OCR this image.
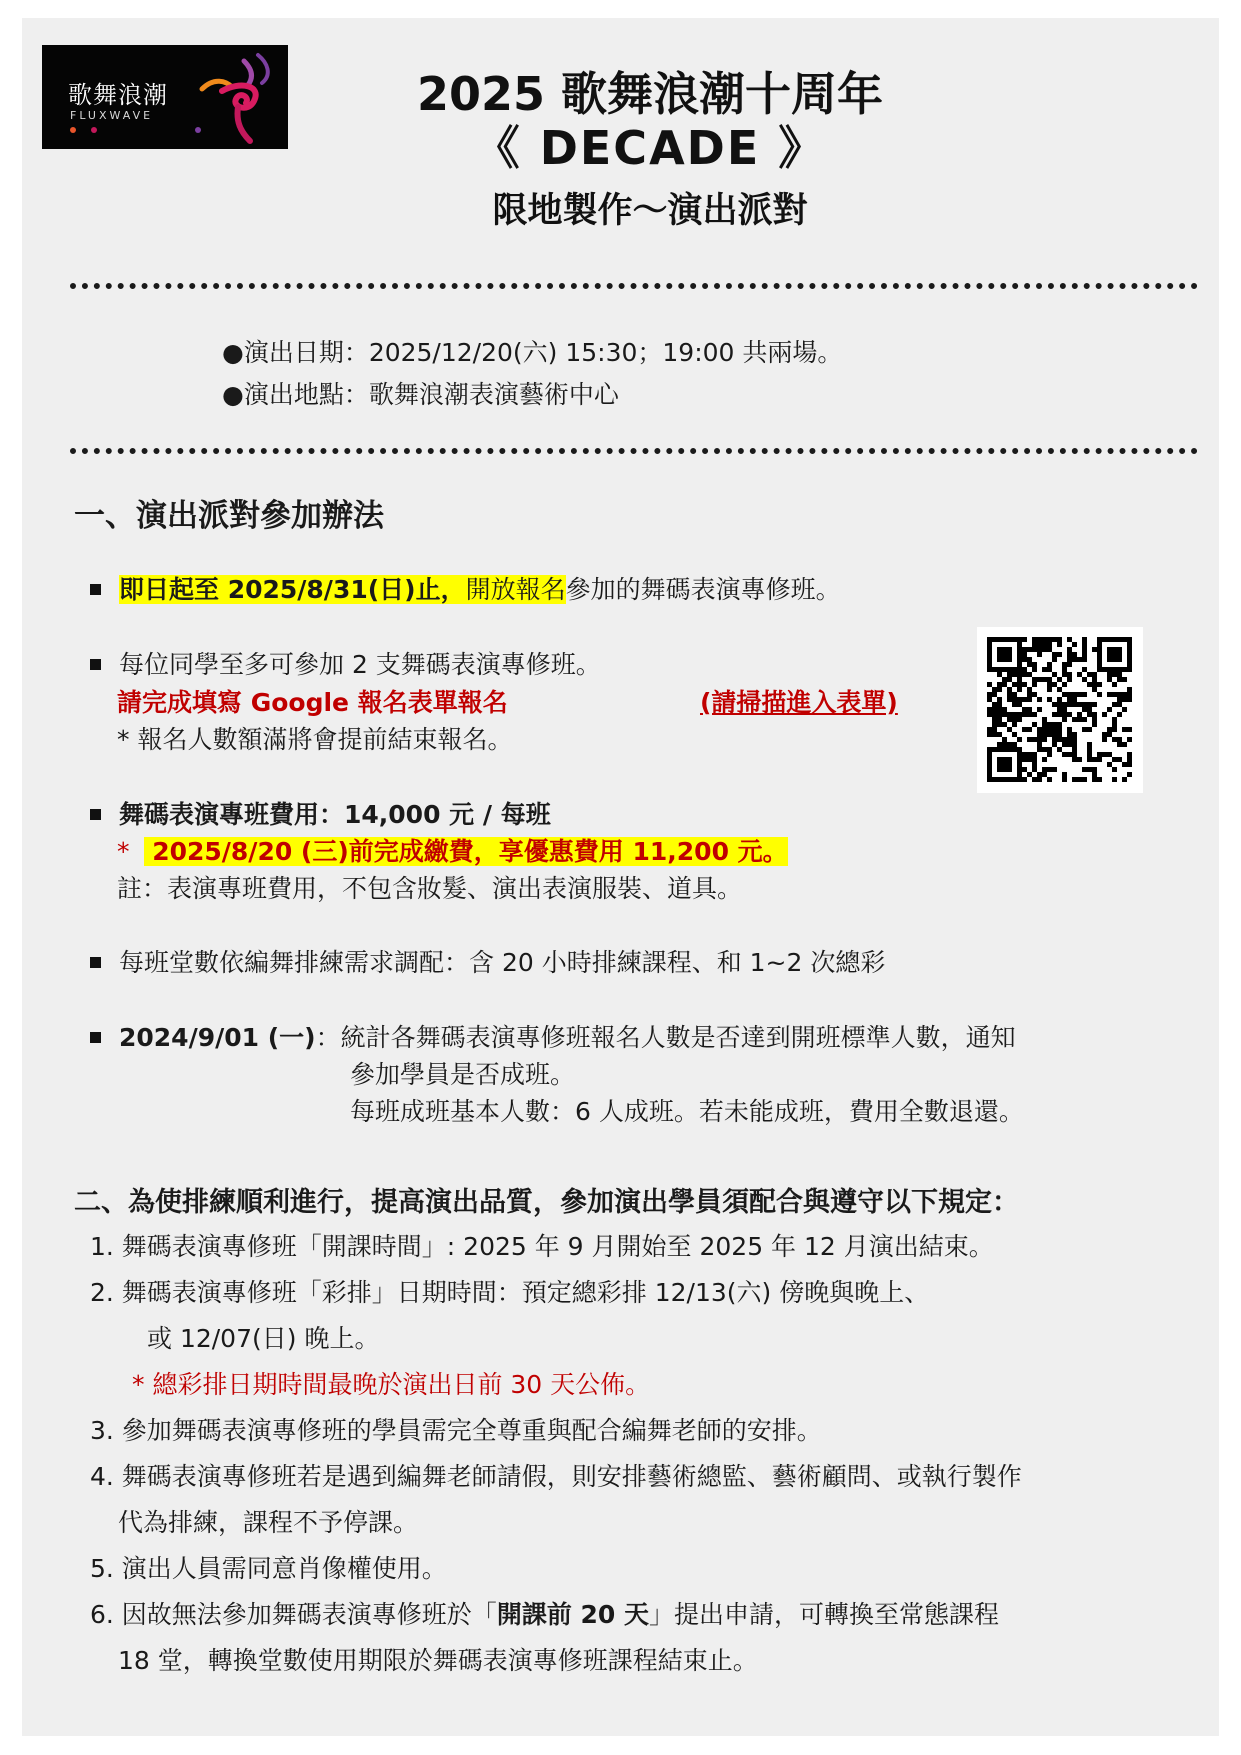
歌舞浪潮
FLUXWAVE	2025 歌舞浪潮十周年
《 DECADE 》
限地製作～演出派對
●演出日期：2025/12/20(六) 15:30；19:00 共兩場。
●演出地點：歌舞浪潮表演藝術中心
一、演出派對參加辦法
即日起至 2025/8/31(日)止，開放報名參加的舞碼表演專修班。
每位同學至多可參加 2 支舞碼表演專修班。
請完成填寫 Google 報名表單報名	(請掃描進入表單)
* 報名人數額滿將會提前結束報名。
舞碼表演專班費用：14,000 元 / 每班
* 2025/8/20 (三)前完成繳費，享優惠費用 11,200 元。
註：表演專班費用，不包含妝髮、演出表演服裝、道具。
每班堂數依編舞排練需求調配：含 20 小時排練課程、和 1~2 次總彩
2024/9/01 (一)：統計各舞碼表演專修班報名人數是否達到開班標準人數，通知
參加學員是否成班。
每班成班基本人數：6 人成班。若未能成班，費用全數退還。
二、為使排練順利進行，提高演出品質，參加演出學員須配合與遵守以下規定：
1. 舞碼表演專修班「開課時間」: 2025 年 9 月開始至 2025 年 12 月演出結束。
2. 舞碼表演專修班「彩排」日期時間：預定總彩排 12/13(六) 傍晚與晚上、
或 12/07(日) 晚上。
* 總彩排日期時間最晚於演出日前 30 天公佈。
3. 參加舞碼表演專修班的學員需完全尊重與配合編舞老師的安排。
4. 舞碼表演專修班若是遇到編舞老師請假，則安排藝術總監、藝術顧問、或執行製作
代為排練，課程不予停課。
5. 演出人員需同意肖像權使用。
6. 因故無法參加舞碼表演專修班於「開課前 20 天」提出申請，可轉換至常態課程
18 堂，轉換堂數使用期限於舞碼表演專修班課程結束止。
